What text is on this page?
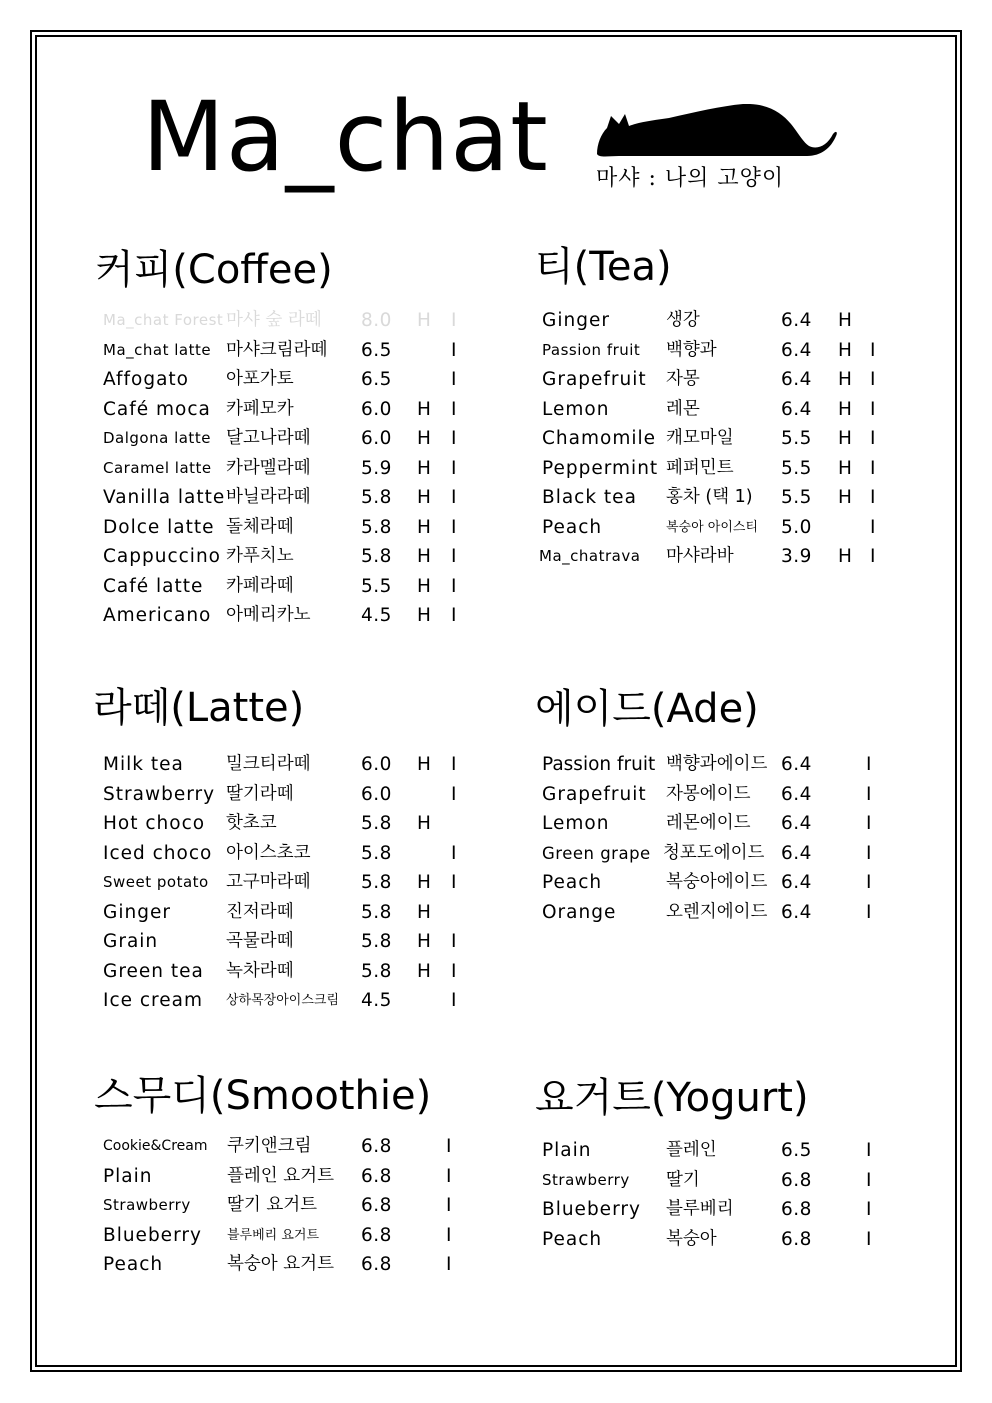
Ma_chat 마샤 : 나의 고양이
커피(Coffee)
Ma_chat Forest 마샤 숲 라떼 8.0 H I
Ma_chat latte 마샤크림라떼 6.5	I
Affogato 아포가토	6.5	I
Café moca 카페모카	6.0 H I
Dalgona latte 달고나라떼	6.0 H I
Caramel latte 카라멜라떼	5.9 H I
Vanilla latte 바닐라라떼	5.8 H I
Dolce latte 돌체라떼	5.8 H I
Cappuccino 카푸치노	5.8 H I
Café latte 카페라떼	5.5 H I
Americano 아메리카노	4.5 H I
티(Tea)
Ginger	생강	6.4 H
Passion fruit 백향과	6.4 H I
Grapefruit 자몽	6.4 H I
Lemon	레몬	6.4 H I
Chamomile 캐모마일	5.5 H I
Peppermint 페퍼민트	5.5 H I
Black tea 홍차 (택 1) 5.5 H I
Peach	복숭아 아이스티 5.0	I
Ma_chatrava 마샤라바	3.9 H I
라떼(Latte)
Milk tea 밀크티라떼	6.0 H I
Strawberry 딸기라떼	6.0	I
Hot choco 핫초코	5.8 H
Iced choco 아이스초코	5.8	I
Sweet potato 고구마라떼	5.8 H I
Ginger	진저라떼	5.8 H
Grain	곡물라떼	5.8 H I
Green tea 녹차라떼	5.8 H I
Ice cream 상하목장아이스크림 4.5	I
에이드(Ade)
Passion fruit 백향과에이드 6.4	I
Grapefruit 자몽에이드 6.4	I
Lemon	레몬에이드 6.4	I
Green grape 청포도에이드 6.4	I
Peach	복숭아에이드 6.4	I
Orange	오렌지에이드 6.4	I
스무디(Smoothie)
Cookie&Cream 쿠키앤크림	6.8	I
Plain	플레인 요거트 6.8	I
Strawberry 딸기 요거트 6.8	I
Blueberry 블루베리 요거트 6.8	I
Peach	복숭아 요거트 6.8	I
요거트(Yogurt)
Plain	플레인	6.5	I
Strawberry 딸기	6.8	I
Blueberry 블루베리	6.8	I
Peach	복숭아	6.8	I
